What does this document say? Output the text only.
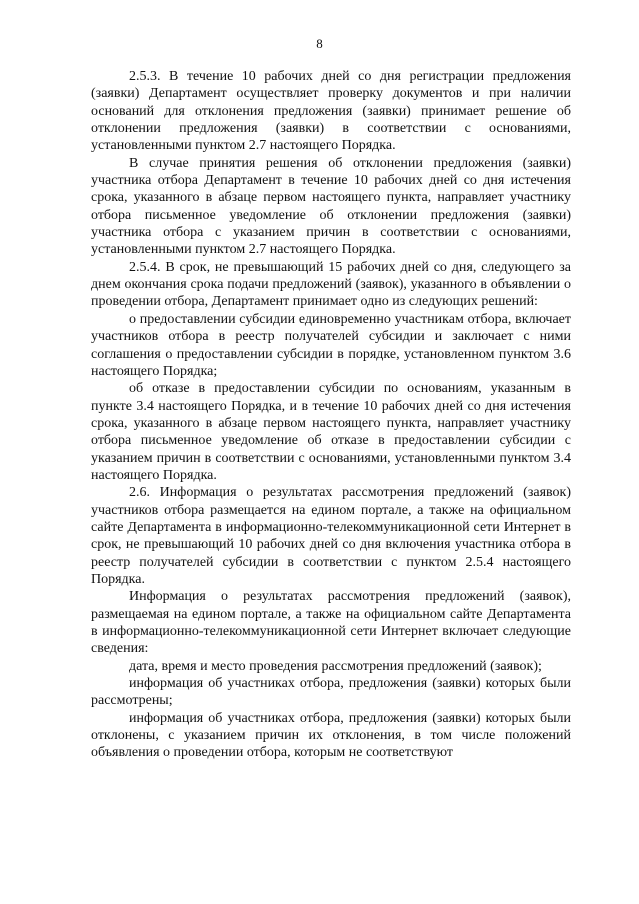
8

2.5.3. В течение 10 рабочих дней со дня регистрации предложения (заявки) Департамент осуществляет проверку документов и при наличии оснований для отклонения предложения (заявки) принимает решение об отклонении предложения (заявки) в соответствии с основаниями, установленными пунктом 2.7 настоящего Порядка.

В случае принятия решения об отклонении предложения (заявки) участника отбора Департамент в течение 10 рабочих дней со дня истечения срока, указанного в абзаце первом настоящего пункта, направляет участнику отбора письменное уведомление об отклонении предложения (заявки) участника отбора с указанием причин в соответствии с основаниями, установленными пунктом 2.7 настоящего Порядка.

2.5.4. В срок, не превышающий 15 рабочих дней со дня, следующего за днем окончания срока подачи предложений (заявок), указанного в объявлении о проведении отбора, Департамент принимает одно из следующих решений:

о предоставлении субсидии единовременно участникам отбора, включает участников отбора в реестр получателей субсидии и заключает с ними соглашения о предоставлении субсидии в порядке, установленном пунктом 3.6 настоящего Порядка;

об отказе в предоставлении субсидии по основаниям, указанным в пункте 3.4 настоящего Порядка, и в течение 10 рабочих дней со дня истечения срока, указанного в абзаце первом настоящего пункта, направляет участнику отбора письменное уведомление об отказе в предоставлении субсидии с указанием причин в соответствии с основаниями, установленными пунктом 3.4 настоящего Порядка.

2.6. Информация о результатах рассмотрения предложений (заявок) участников отбора размещается на едином портале, а также на официальном сайте Департамента в информационно-телекоммуникационной сети Интернет в срок, не превышающий 10 рабочих дней со дня включения участника отбора в реестр получателей субсидии в соответствии с пунктом 2.5.4 настоящего Порядка.

Информация о результатах рассмотрения предложений (заявок), размещаемая на едином портале, а также на официальном сайте Департамента в информационно-телекоммуникационной сети Интернет включает следующие сведения:

дата, время и место проведения рассмотрения предложений (заявок);

информация об участниках отбора, предложения (заявки) которых были рассмотрены;

информация об участниках отбора, предложения (заявки) которых были отклонены, с указанием причин их отклонения, в том числе положений объявления о проведении отбора, которым не соответствуют
